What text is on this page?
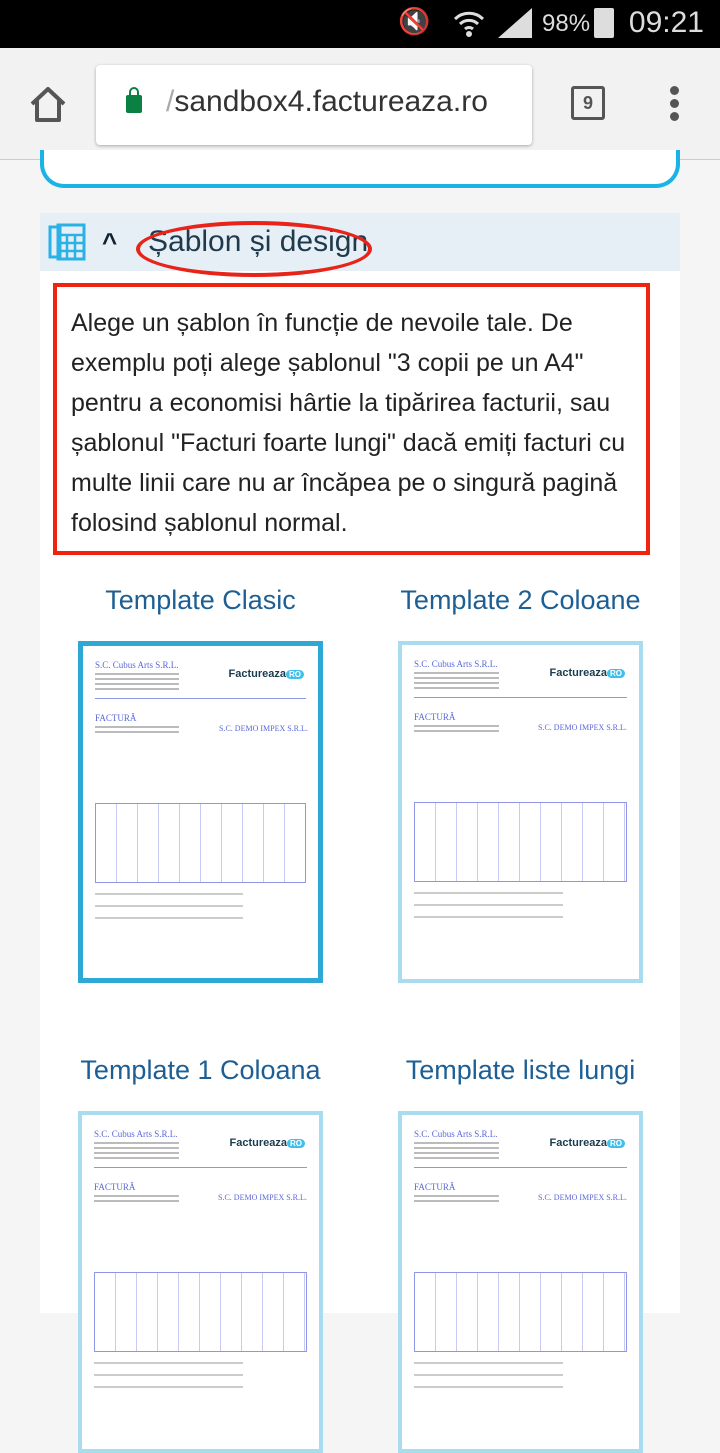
🔇	98% 09:21
/sandbox4.factureaza.ro	9
^ Șablon și design
Alege un șablon în funcție de nevoile tale. De exemplu poți alege șablonul "3 copii pe un A4" pentru a economisi hârtie la tipărirea facturii, sau șablonul "Facturi foarte lungi" dacă emiți facturi cu multe linii care nu ar încăpea pe o singură pagină folosind șablonul normal.
Template Clasic
S.C. Cubus Arts S.R.L.
Factureaza RO
FACTURĂ
S.C. DEMO IMPEX S.R.L.
Template 2 Coloane
S.C. Cubus Arts S.R.L.
Factureaza RO
FACTURĂ
S.C. DEMO IMPEX S.R.L.
Template 1 Coloana
S.C. Cubus Arts S.R.L.
Factureaza RO
FACTURĂ
S.C. DEMO IMPEX S.R.L.
Template liste lungi
S.C. Cubus Arts S.R.L.
Factureaza RO
FACTURĂ
S.C. DEMO IMPEX S.R.L.
